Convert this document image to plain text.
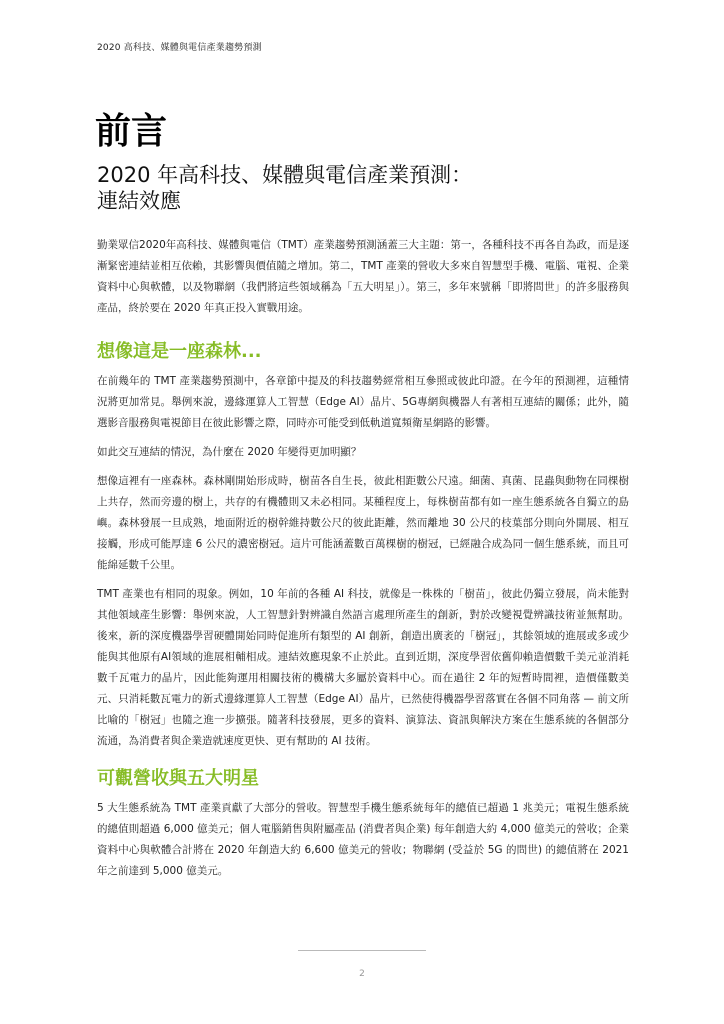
2020 高科技、媒體與電信產業趨勢預測
前言
2020 年高科技、媒體與電信產業預測：
連結效應

勤業眾信2020年高科技、媒體與電信（TMT）產業趨勢預測涵蓋三大主題：第一，各種科技不再各自為政，而是逐漸緊密連結並相互依賴，其影響與價值隨之增加。第二，TMT 產業的營收大多來自智慧型手機、電腦、電視、企業資料中心與軟體，以及物聯網（我們將這些領域稱為「五大明星」）。第三，多年來號稱「即將問世」的許多服務與產品，終於要在 2020 年真正投入實戰用途。

想像這是一座森林...

在前幾年的 TMT 產業趨勢預測中，各章節中提及的科技趨勢經常相互參照或彼此印證。在今年的預測裡，這種情況將更加常見。舉例來說，邊緣運算人工智慧（Edge AI）晶片、5G專網與機器人有著相互連結的關係；此外，隨選影音服務與電視節目在彼此影響之際，同時亦可能受到低軌道寬頻衛星網路的影響。

如此交互連結的情況，為什麼在 2020 年變得更加明顯？

想像這裡有一座森林。森林剛開始形成時，樹苗各自生長，彼此相距數公尺遠。細菌、真菌、昆蟲與動物在同棵樹上共存，然而旁邊的樹上，共存的有機體則又未必相同。某種程度上，每株樹苗都有如一座生態系統各自獨立的島嶼。森林發展一旦成熟，地面附近的樹幹維持數公尺的彼此距離，然而離地 30 公尺的枝葉部分則向外開展、相互接觸，形成可能厚達 6 公尺的濃密樹冠。這片可能涵蓋數百萬棵樹的樹冠，已經融合成為同一個生態系統，而且可能綿延數千公里。

TMT 產業也有相同的現象。例如，10 年前的各種 AI 科技，就像是一株株的「樹苗」，彼此仍獨立發展，尚未能對其他領域產生影響：舉例來說，人工智慧針對辨識自然語言處理所產生的創新，對於改變視覺辨識技術並無幫助。後來，新的深度機器學習硬體開始同時促進所有類型的 AI 創新，創造出廣袤的「樹冠」，其餘領域的進展或多或少能與其他原有AI領域的進展相輔相成。連結效應現象不止於此。直到近期，深度學習依舊仰賴造價數千美元並消耗數千瓦電力的晶片，因此能夠運用相關技術的機構大多屬於資料中心。而在過往 2 年的短暫時間裡，造價僅數美元、只消耗數瓦電力的新式邊緣運算人工智慧（Edge AI）晶片，已然使得機器學習落實在各個不同角落 — 前文所比喻的「樹冠」也隨之進一步擴張。隨著科技發展，更多的資料、演算法、資訊與解決方案在生態系統的各個部分流通，為消費者與企業造就速度更快、更有幫助的 AI 技術。

可觀營收與五大明星

5 大生態系統為 TMT 產業貢獻了大部分的營收。智慧型手機生態系統每年的總值已超過 1 兆美元；電視生態系統的總值則超過 6,000 億美元；個人電腦銷售與附屬產品 (消費者與企業) 每年創造大約 4,000 億美元的營收；企業資料中心與軟體合計將在 2020 年創造大約 6,600 億美元的營收；物聯網 (受益於 5G 的問世) 的總值將在 2021 年之前達到 5,000 億美元。

2
